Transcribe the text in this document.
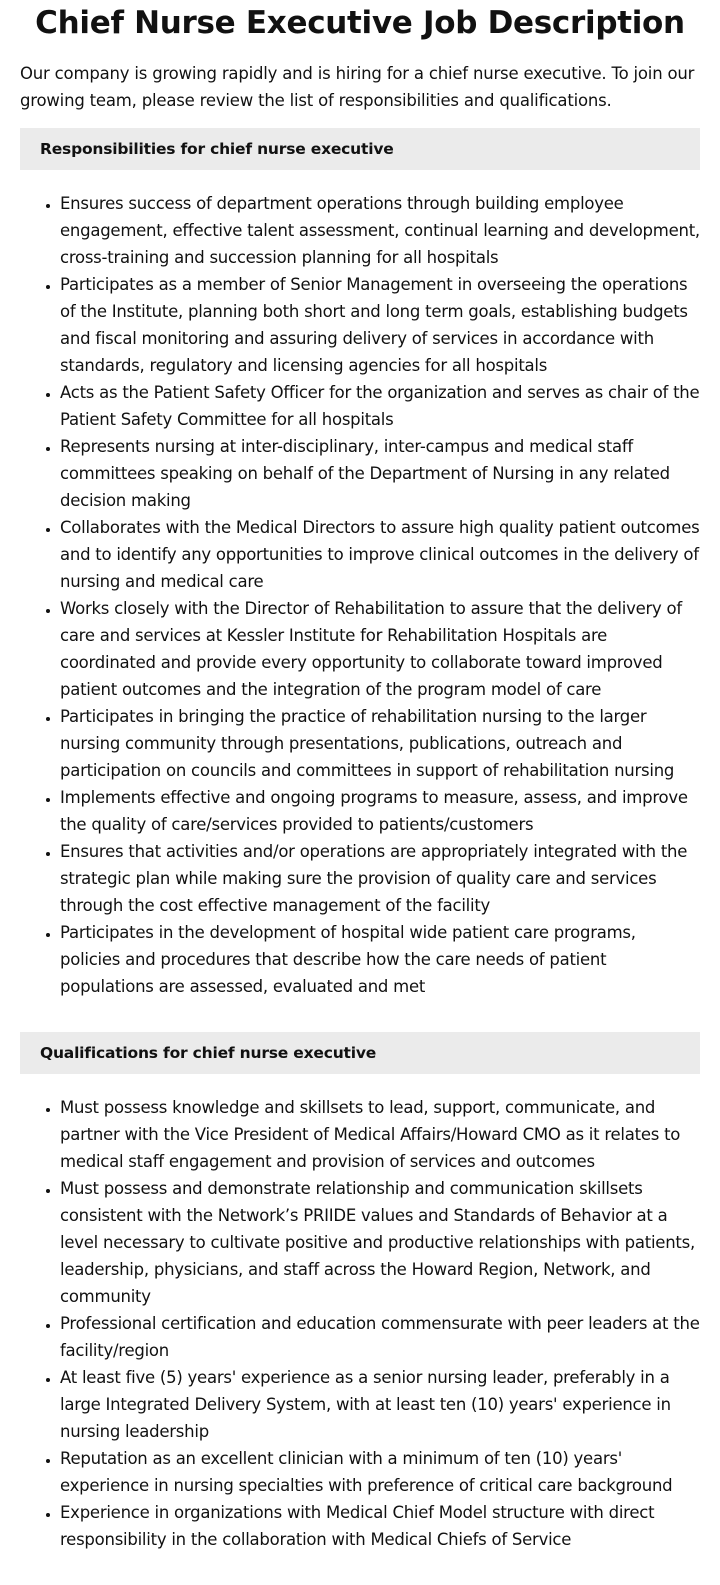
Chief Nurse Executive Job Description

Our company is growing rapidly and is hiring for a chief nurse executive. To join our growing team, please review the list of responsibilities and qualifications.

Responsibilities for chief nurse executive
• Ensures success of department operations through building employee engagement, effective talent assessment, continual learning and development, cross-training and succession planning for all hospitals
• Participates as a member of Senior Management in overseeing the operations of the Institute, planning both short and long term goals, establishing budgets and fiscal monitoring and assuring delivery of services in accordance with standards, regulatory and licensing agencies for all hospitals
• Acts as the Patient Safety Officer for the organization and serves as chair of the Patient Safety Committee for all hospitals
• Represents nursing at inter-disciplinary, inter-campus and medical staff committees speaking on behalf of the Department of Nursing in any related decision making
• Collaborates with the Medical Directors to assure high quality patient outcomes and to identify any opportunities to improve clinical outcomes in the delivery of nursing and medical care
• Works closely with the Director of Rehabilitation to assure that the delivery of care and services at Kessler Institute for Rehabilitation Hospitals are coordinated and provide every opportunity to collaborate toward improved patient outcomes and the integration of the program model of care
• Participates in bringing the practice of rehabilitation nursing to the larger nursing community through presentations, publications, outreach and participation on councils and committees in support of rehabilitation nursing
• Implements effective and ongoing programs to measure, assess, and improve the quality of care/services provided to patients/customers
• Ensures that activities and/or operations are appropriately integrated with the strategic plan while making sure the provision of quality care and services through the cost effective management of the facility
• Participates in the development of hospital wide patient care programs, policies and procedures that describe how the care needs of patient populations are assessed, evaluated and met
Qualifications for chief nurse executive
• Must possess knowledge and skillsets to lead, support, communicate, and partner with the Vice President of Medical Affairs/Howard CMO as it relates to medical staff engagement and provision of services and outcomes
• Must possess and demonstrate relationship and communication skillsets consistent with the Network’s PRIIDE values and Standards of Behavior at a level necessary to cultivate positive and productive relationships with patients, leadership, physicians, and staff across the Howard Region, Network, and community
• Professional certification and education commensurate with peer leaders at the facility/region
• At least five (5) years' experience as a senior nursing leader, preferably in a large Integrated Delivery System, with at least ten (10) years' experience in nursing leadership
• Reputation as an excellent clinician with a minimum of ten (10) years' experience in nursing specialties with preference of critical care background
• Experience in organizations with Medical Chief Model structure with direct responsibility in the collaboration with Medical Chiefs of Service
